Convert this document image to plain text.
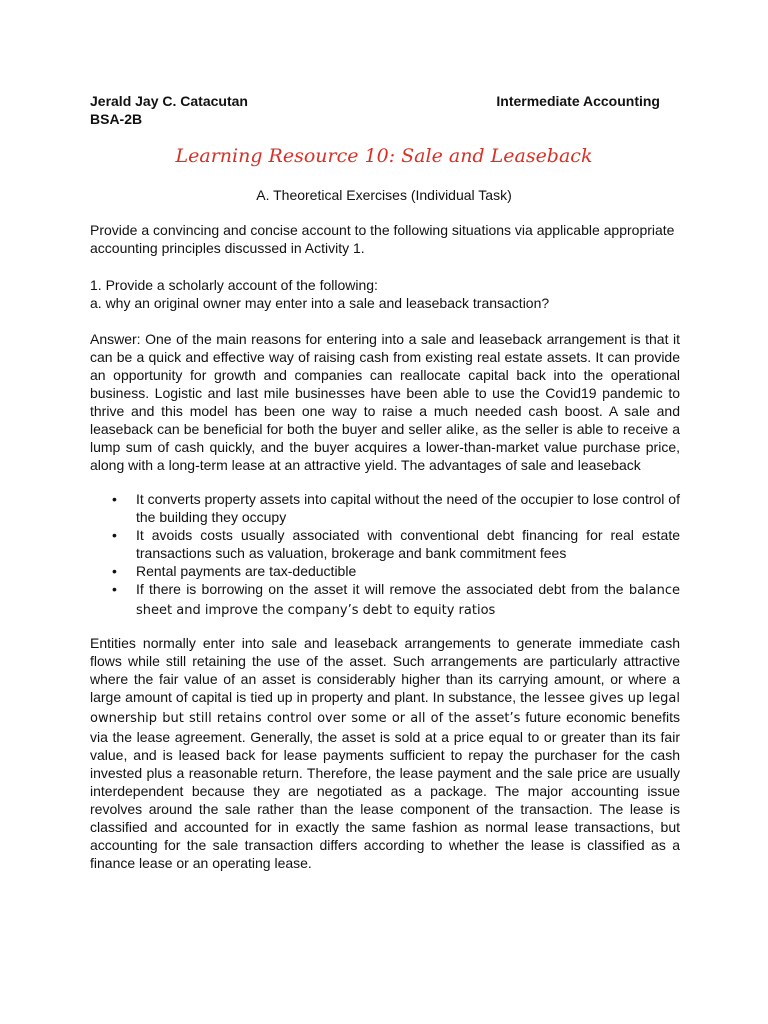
Jerald Jay C. Catacutan	Intermediate Accounting
BSA-2B
Learning Resource 10: Sale and Leaseback
A. Theoretical Exercises (Individual Task)
Provide a convincing and concise account to the following situations via applicable appropriate accounting principles discussed in Activity 1.
1. Provide a scholarly account of the following:
a. why an original owner may enter into a sale and leaseback transaction?
Answer: One of the main reasons for entering into a sale and leaseback arrangement is that it can be a quick and effective way of raising cash from existing real estate assets. It can provide an opportunity for growth and companies can reallocate capital back into the operational business. Logistic and last mile businesses have been able to use the Covid19 pandemic to thrive and this model has been one way to raise a much needed cash boost. A sale and leaseback can be beneficial for both the buyer and seller alike, as the seller is able to receive a lump sum of cash quickly, and the buyer acquires a lower-than-market value purchase price, along with a long-term lease at an attractive yield. The advantages of sale and leaseback
• It converts property assets into capital without the need of the occupier to lose control of the building they occupy
• It avoids costs usually associated with conventional debt financing for real estate transactions such as valuation, brokerage and bank commitment fees
• Rental payments are tax-deductible
• If there is borrowing on the asset it will remove the associated debt from the balance sheet and improve the company’s debt to equity ratios
Entities normally enter into sale and leaseback arrangements to generate immediate cash flows while still retaining the use of the asset. Such arrangements are particularly attractive where the fair value of an asset is considerably higher than its carrying amount, or where a large amount of capital is tied up in property and plant. In substance, the lessee gives up legal ownership but still retains control over some or all of the asset’s future economic benefits via the lease agreement. Generally, the asset is sold at a price equal to or greater than its fair value, and is leased back for lease payments sufficient to repay the purchaser for the cash invested plus a reasonable return. Therefore, the lease payment and the sale price are usually interdependent because they are negotiated as a package. The major accounting issue revolves around the sale rather than the lease component of the transaction. The lease is classified and accounted for in exactly the same fashion as normal lease transactions, but accounting for the sale transaction differs according to whether the lease is classified as a finance lease or an operating lease.
